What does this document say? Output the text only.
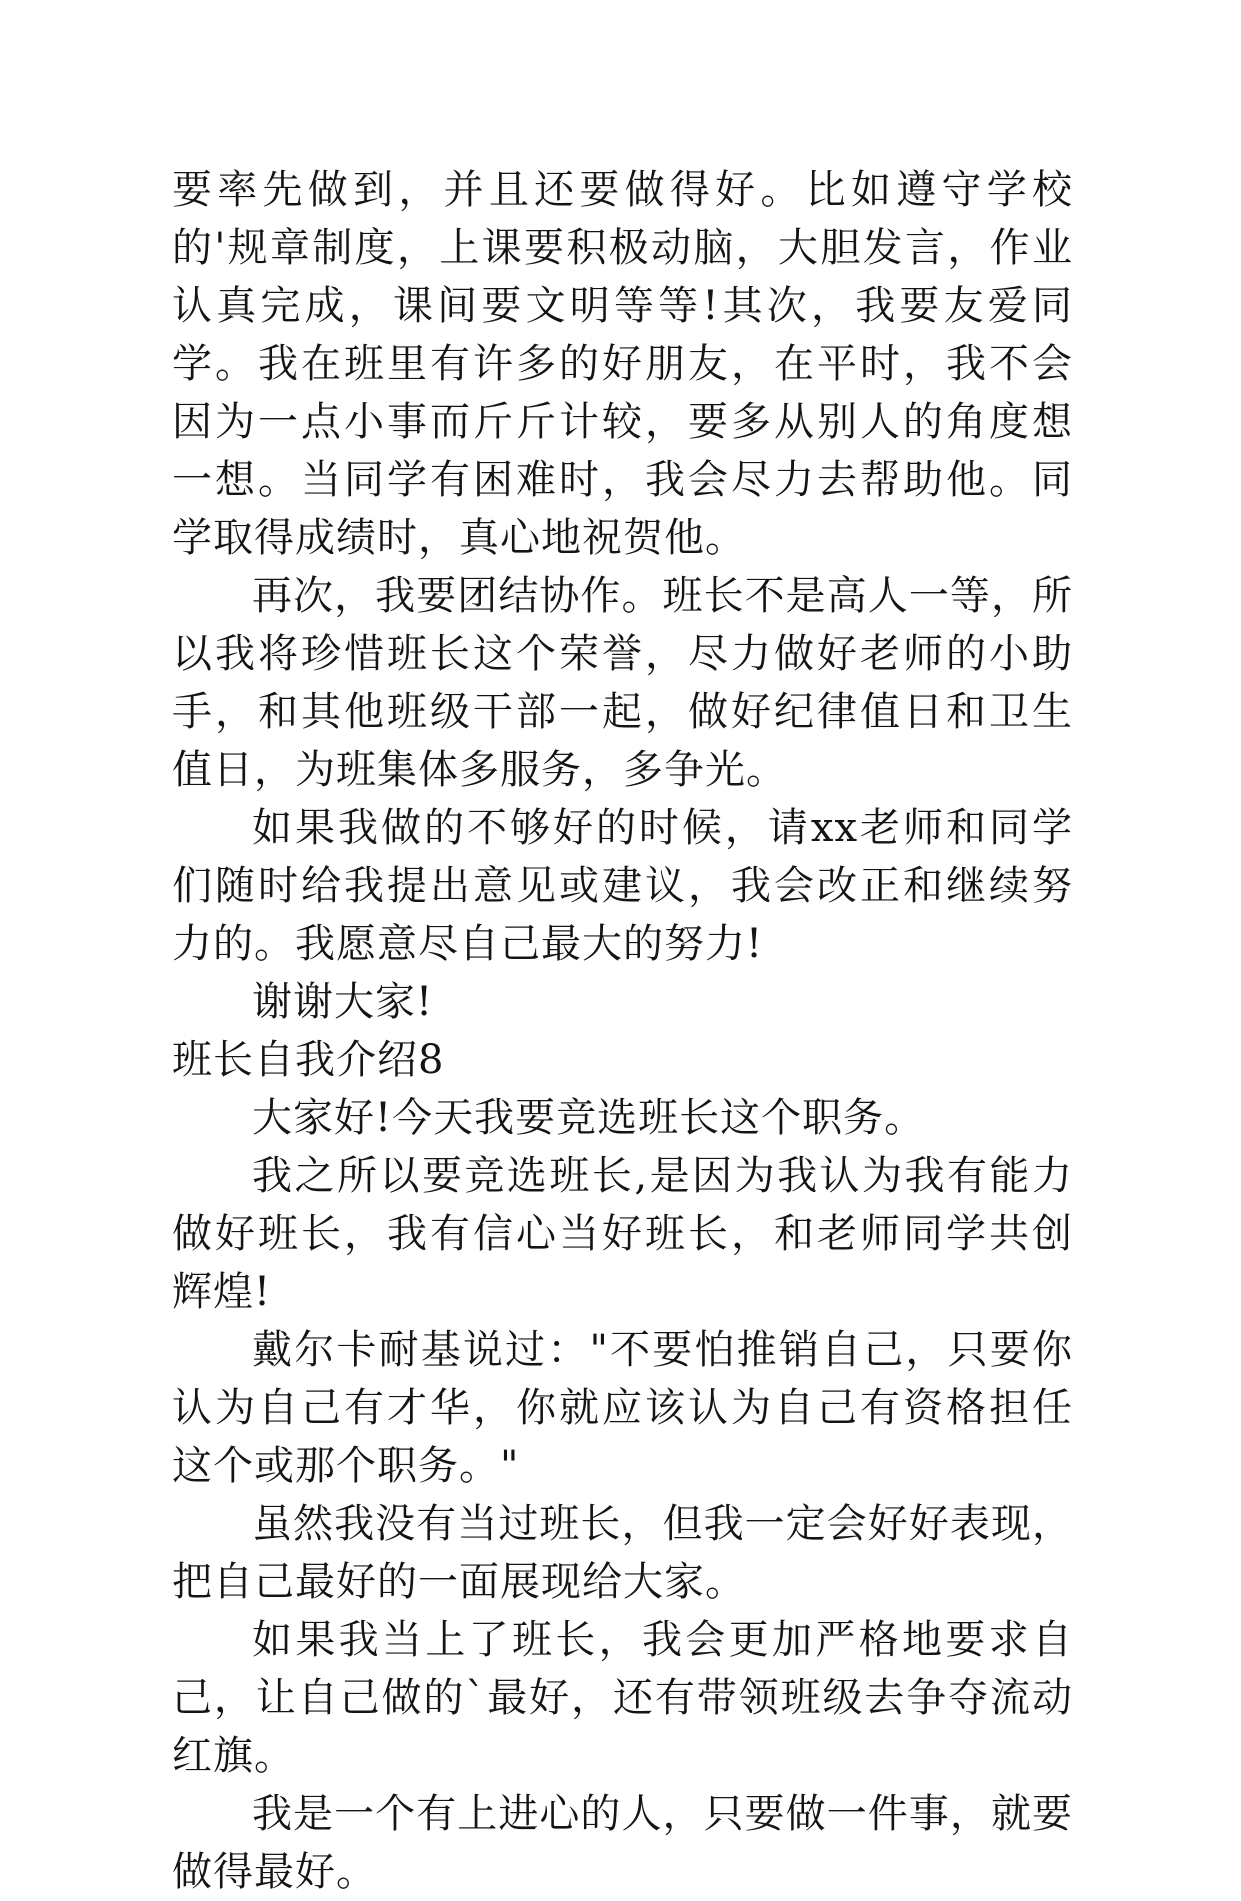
要率先做到，并且还要做得好。比如遵守学校的'规章制度，上课要积极动脑，大胆发言，作业认真完成，课间要文明等等!其次，我要友爱同学。我在班里有许多的好朋友，在平时，我不会因为一点小事而斤斤计较，要多从别人的角度想一想。当同学有困难时，我会尽力去帮助他。同学取得成绩时，真心地祝贺他。

再次，我要团结协作。班长不是高人一等，所以我将珍惜班长这个荣誉，尽力做好老师的小助手，和其他班级干部一起，做好纪律值日和卫生值日，为班集体多服务，多争光。

如果我做的不够好的时候，请xx老师和同学们随时给我提出意见或建议，我会改正和继续努力的。我愿意尽自己最大的努力!

谢谢大家!

班长自我介绍8

大家好!今天我要竞选班长这个职务。

我之所以要竞选班长,是因为我认为我有能力做好班长，我有信心当好班长，和老师同学共创辉煌!

戴尔卡耐基说过："不要怕推销自己，只要你认为自己有才华，你就应该认为自己有资格担任这个或那个职务。"

虽然我没有当过班长，但我一定会好好表现，把自己最好的一面展现给大家。

如果我当上了班长，我会更加严格地要求自己，让自己做的`最好，还有带领班级去争夺流动红旗。

我是一个有上进心的人，只要做一件事，就要做得最好。
